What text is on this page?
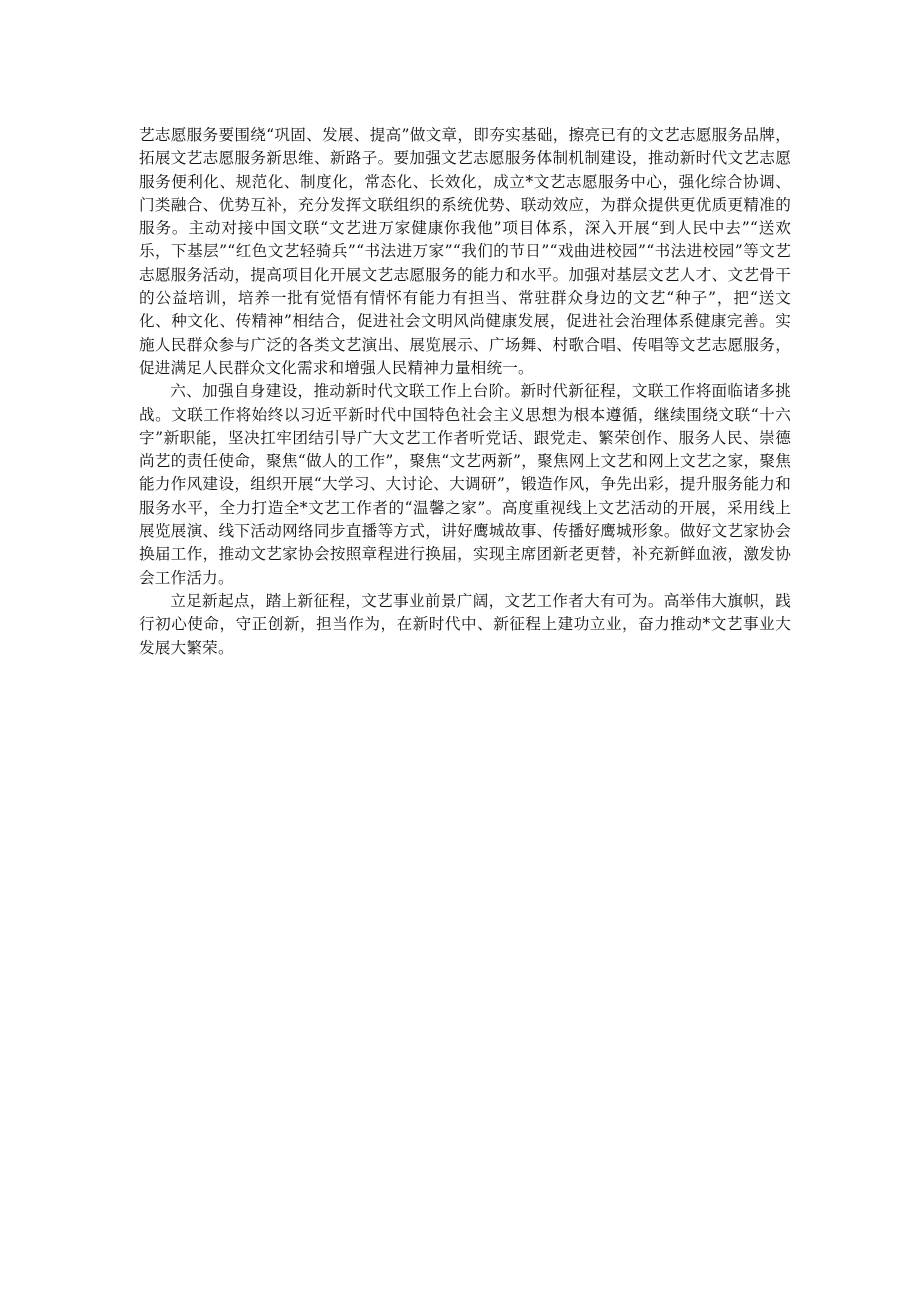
艺志愿服务要围绕“巩固、发展、提高”做文章，即夯实基础，擦亮已有的文艺志愿服务品牌，拓展文艺志愿服务新思维、新路子。要加强文艺志愿服务体制机制建设，推动新时代文艺志愿服务便利化、规范化、制度化，常态化、长效化，成立*文艺志愿服务中心，强化综合协调、门类融合、优势互补，充分发挥文联组织的系统优势、联动效应，为群众提供更优质更精准的服务。主动对接中国文联“文艺进万家健康你我他”项目体系，深入开展“到人民中去”“送欢乐，下基层”“红色文艺轻骑兵”“书法进万家”“我们的节日”“戏曲进校园”“书法进校园”等文艺志愿服务活动，提高项目化开展文艺志愿服务的能力和水平。加强对基层文艺人才、文艺骨干的公益培训，培养一批有觉悟有情怀有能力有担当、常驻群众身边的文艺“种子”，把“送文化、种文化、传精神”相结合，促进社会文明风尚健康发展，促进社会治理体系健康完善。实施人民群众参与广泛的各类文艺演出、展览展示、广场舞、村歌合唱、传唱等文艺志愿服务，促进满足人民群众文化需求和增强人民精神力量相统一。

六、加强自身建设，推动新时代文联工作上台阶。新时代新征程，文联工作将面临诸多挑战。文联工作将始终以习近平新时代中国特色社会主义思想为根本遵循，继续围绕文联“十六字”新职能，坚决扛牢团结引导广大文艺工作者听党话、跟党走、繁荣创作、服务人民、崇德尚艺的责任使命，聚焦“做人的工作”，聚焦“文艺两新”，聚焦网上文艺和网上文艺之家，聚焦能力作风建设，组织开展“大学习、大讨论、大调研”，锻造作风，争先出彩，提升服务能力和服务水平，全力打造全*文艺工作者的“温馨之家”。高度重视线上文艺活动的开展，采用线上展览展演、线下活动网络同步直播等方式，讲好鹰城故事、传播好鹰城形象。做好文艺家协会换届工作，推动文艺家协会按照章程进行换届，实现主席团新老更替，补充新鲜血液，激发协会工作活力。

立足新起点，踏上新征程，文艺事业前景广阔，文艺工作者大有可为。高举伟大旗帜，践行初心使命，守正创新，担当作为，在新时代中、新征程上建功立业，奋力推动*文艺事业大发展大繁荣。
